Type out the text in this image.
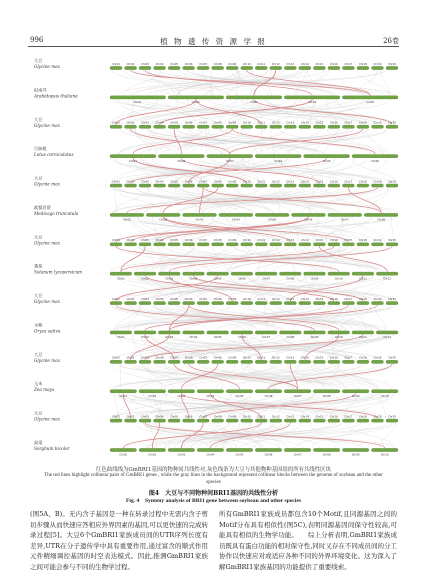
996	植 物 遗 传 资 源 学 报	26卷
Chr01	Chr02	Chr03	Chr04	Chr05	Chr06	Chr07	Chr08	Chr09	Chr10	Chr11	Chr12	Chr13	Chr14	Chr15	Chr16	Chr17	Chr18	Chr19	Chr20
Chr01	Chr02	Chr03	Chr04	Chr05
Chr01	Chr02	Chr03	Chr04	Chr05	Chr06	Chr07	Chr08	Chr09	Chr10	Chr11	Chr12	Chr13	Chr14	Chr15	Chr16	Chr17	Chr18	Chr19	Chr20
Chr01	Chr02	Chr03	Chr04	Chr05	Chr06
Chr01	Chr02	Chr03	Chr04	Chr05	Chr06	Chr07	Chr08	Chr09	Chr10	Chr11	Chr12	Chr13	Chr14	Chr15	Chr16	Chr17	Chr18	Chr19	Chr20
Chr01	Chr02	Chr03	Chr04	Chr05	Chr06	Chr07	Chr08
Chr01	Chr02	Chr03	Chr04	Chr05	Chr06	Chr07	Chr08	Chr09	Chr10	Chr11	Chr12	Chr13	Chr14	Chr15	Chr16	Chr17	Chr18	Chr19	Chr20
Chr01	Chr02	Chr03	Chr04	Chr05	Chr06	Chr07	Chr08	Chr09	Chr10	Chr11	Chr12
Chr01	Chr02	Chr03	Chr04	Chr05	Chr06	Chr07	Chr08	Chr09	Chr10	Chr11	Chr12	Chr13	Chr14	Chr15	Chr16	Chr17	Chr18	Chr19	Chr20
Chr01	Chr02	Chr03	Chr04	Chr05	Chr06	Chr07	Chr08	Chr09	Chr10	Chr11	Chr12
Chr01	Chr02	Chr03	Chr04	Chr05	Chr06	Chr07	Chr08	Chr09	Chr10	Chr11	Chr12	Chr13	Chr14	Chr15	Chr16	Chr17	Chr18	Chr19	Chr20
Chr01	Chr02	Chr03	Chr04	Chr05	Chr06	Chr07	Chr08	Chr09	Chr10
Chr01	Chr02	Chr03	Chr04	Chr05	Chr06	Chr07	Chr08	Chr09	Chr10	Chr11	Chr12	Chr13	Chr14	Chr15	Chr16	Chr17	Chr18	Chr19	Chr20
Chr01	Chr02	Chr03	Chr04	Chr05	Chr06	Chr07	Chr08	Chr09	Chr10
大豆
Glycine max
拟南芥
Arabidopsis thaliana
大豆
Glycine max
百脉根
Lotus corniculatus
大豆
Glycine max
蒺藜苜蓿
Medicago truncatula
大豆
Glycine max
番茄
Solanum lycopersicum
大豆
Glycine max
水稻
Oryza sativa
大豆
Glycine max
玉米
Zea mays
大豆
Glycine max
高粱
Sorghum bicolor
红色曲线线为GmBRI1基因的物种间共线性对,灰色线条为大豆与其他物种基因组的所有共线性区块
The red lines highlight collinear pairs of GmBRI1 genes , while the gray lines in the background represent collinear blocks between the genome of soybean and the other species
图4　大豆与不同物种间BRI1基因的共线性分析
Fig. 4　Synteny analysis of BRI1 gene between soybean and other species
(图5A、B)。无内含子基因是一种在转录过程中无需内含子剪切步骤从而快速应答相应外界因素的基因,可以更快速的完成转录过程[5]。大豆6个GmBRI1家族成员间的UTR序列长度有差异,UTR在分子遗传学中具有重要作用,通过富含的顺式作用元件精细调控基因的时空表达模式。因此,推测GmBRI1家族之间可能会参与不同的生物学过程。
所有GmBRI1家族成员都包含10个Motif,且同源基因之间的Motif分布具有相似性(图5C),表明同源基因间保守性较高,可能具有相似的生物学功能。　　综上分析表明,GmBRI1家族成员既具有蛋白功能的相对保守性,同时又存在不同成员间的分工协作以快速应对或适应各种不同的外界环境变化。这为深入了解GmBRI1家族基因的功能提供了重要线索。
